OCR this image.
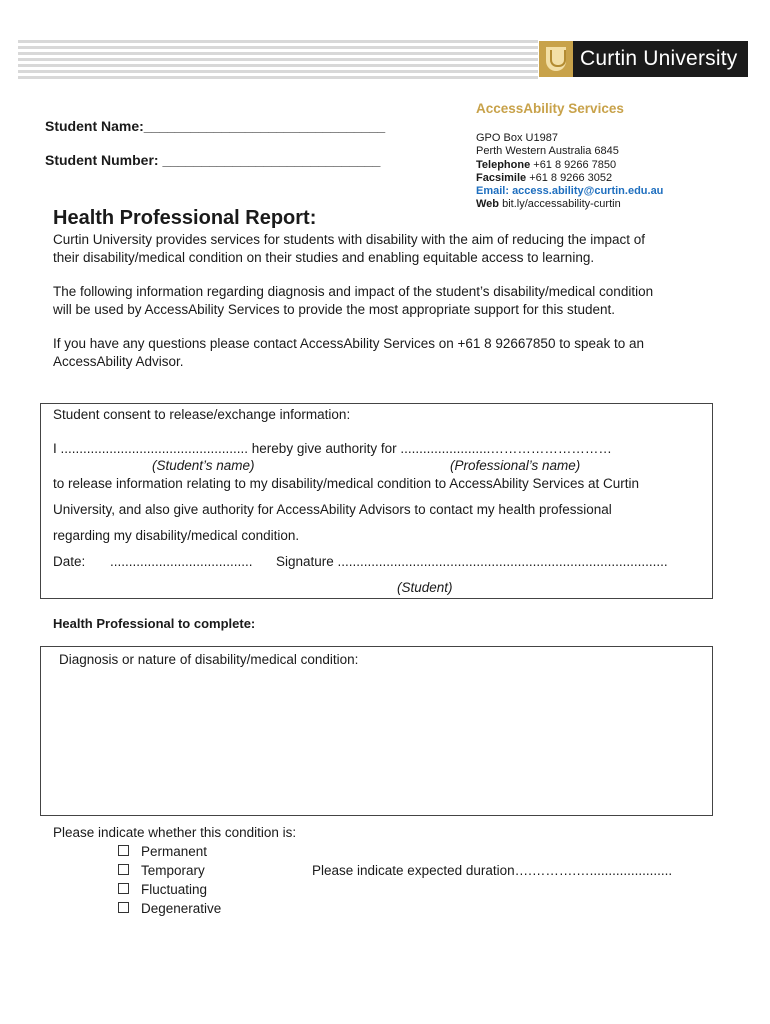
Curtin University
AccessAbility Services
Student Name:_______________________________
Student Number: ____________________________
GPO Box U1987
Perth Western Australia 6845
Telephone +61 8 9266 7850
Facsimile +61 8 9266 3052
Email: access.ability@curtin.edu.au
Web bit.ly/accessability-curtin
Health Professional Report:
Curtin University provides services for students with disability with the aim of reducing the impact of
their disability/medical condition on their studies and enabling equitable access to learning.
The following information regarding diagnosis and impact of the student’s disability/medical condition
will be used by AccessAbility Services to provide the most appropriate support for this student.
If you have any questions please contact AccessAbility Services on +61 8 92667850 to speak to an
AccessAbility Advisor.
Student consent to release/exchange information:
I .................................................. hereby give authority for ........................………………………
(Student’s name)	(Professional’s name)
to release information relating to my disability/medical condition to AccessAbility Services at Curtin
University, and also give authority for AccessAbility Advisors to contact my health professional
regarding my disability/medical condition.
Date: ...................................... Signature ........................................................................................
(Student)
Health Professional to complete:
Diagnosis or nature of disability/medical condition:
Please indicate whether this condition is:
Permanent
Temporary
Fluctuating
Degenerative
Please indicate expected duration….……….…......................
